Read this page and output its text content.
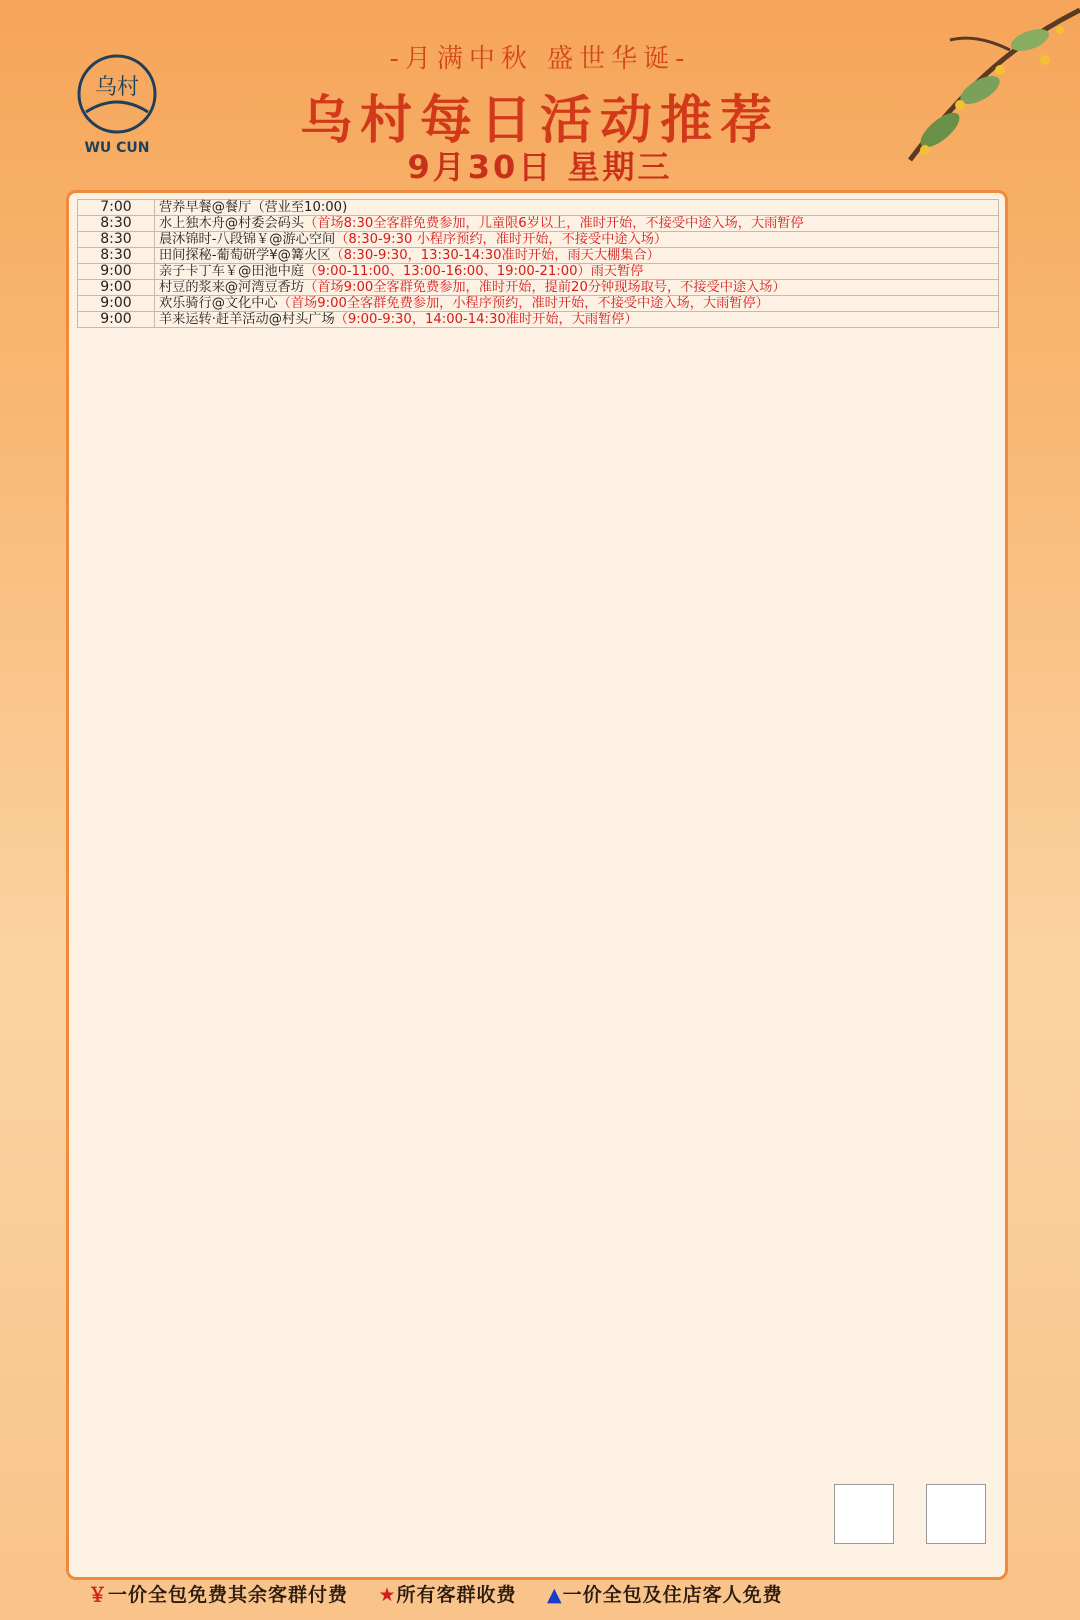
乌村
WU CUN
-月满中秋 盛世华诞-
乌村每日活动推荐
9月30日 星期三
7:00	营养早餐@餐厅（营业至10:00)
8:30	水上独木舟@村委会码头（首场8:30全客群免费参加，儿童限6岁以上，准时开始，不接受中途入场，大雨暂停
8:30	晨沐锦时-八段锦￥@游心空间（8:30-9:30 小程序预约，准时开始，不接受中途入场）
8:30	田间探秘-葡萄研学¥@篝火区（8:30-9:30，13:30-14:30准时开始，雨天大棚集合）
9:00	亲子卡丁车￥@田池中庭（9:00-11:00、13:00-16:00、19:00-21:00）雨天暂停
9:00	村豆的浆来@河湾豆香坊（首场9:00全客群免费参加，准时开始，提前20分钟现场取号，不接受中途入场）
9:00	欢乐骑行@文化中心（首场9:00全客群免费参加，小程序预约，准时开始，不接受中途入场，大雨暂停）
9:00	羊来运转·赶羊活动@村头广场（9:00-9:30，14:00-14:30准时开始，大雨暂停）
￥一价全包免费其余客群付费    ★所有客群收费    ▲一价全包及住店客人免费
